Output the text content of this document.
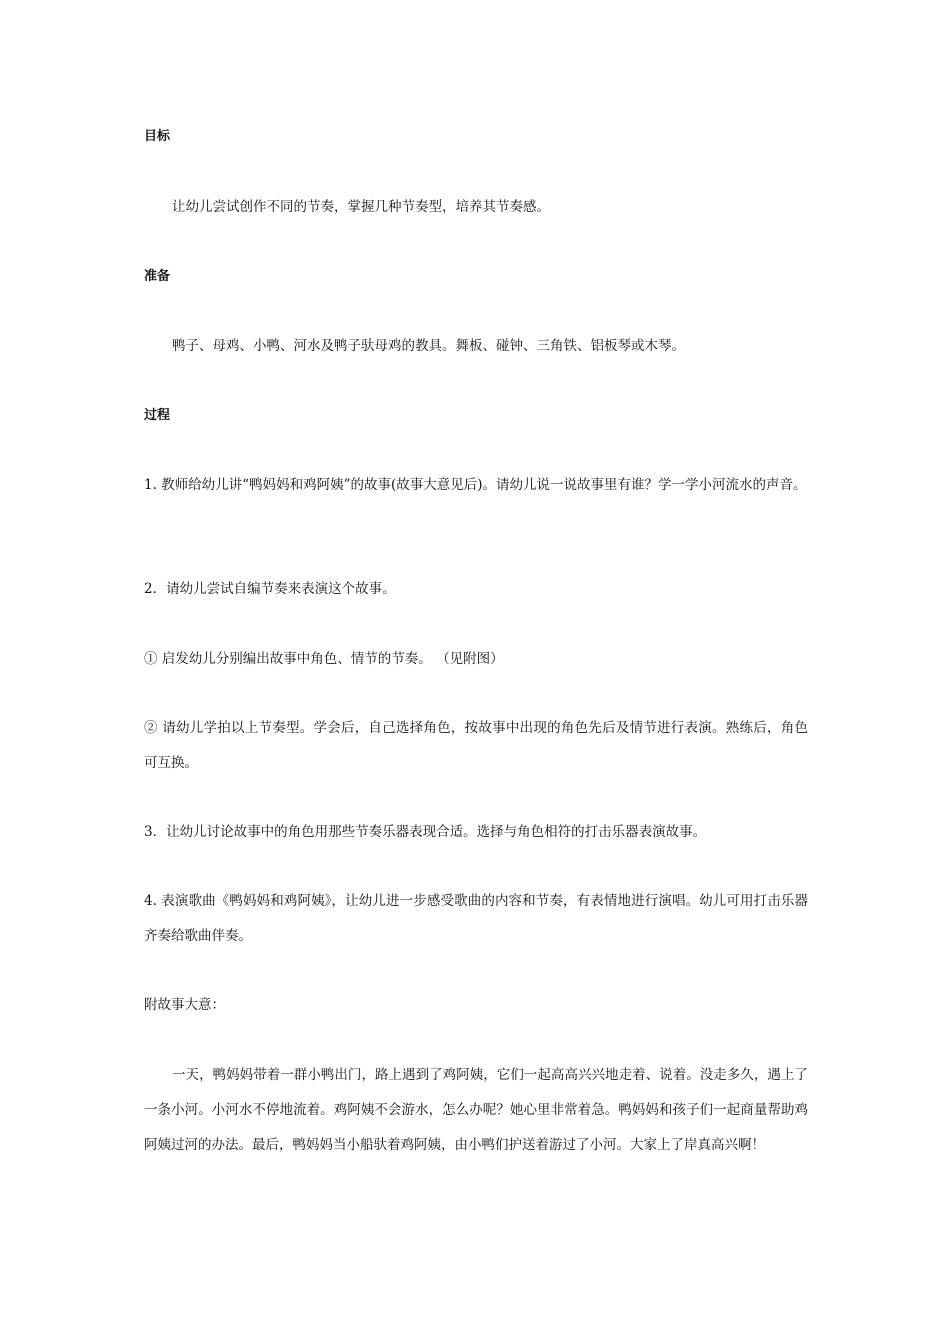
目标
让幼儿尝试创作不同的节奏，掌握几种节奏型，培养其节奏感。
准备
鸭子、母鸡、小鸭、河水及鸭子驮母鸡的教具。舞板、碰钟、三角铁、铝板琴或木琴。
过程
1. 教师给幼儿讲“鸭妈妈和鸡阿姨”的故事(故事大意见后)。请幼儿说一说故事里有谁？学一学小河流水的声音。
2．请幼儿尝试自编节奏来表演这个故事。
① 启发幼儿分别编出故事中角色、情节的节奏。 （见附图）
② 请幼儿学拍以上节奏型。学会后，自己选择角色，按故事中出现的角色先后及情节进行表演。熟练后，角色可互换。
3．让幼儿讨论故事中的角色用那些节奏乐器表现合适。选择与角色相符的打击乐器表演故事。
4. 表演歌曲《鸭妈妈和鸡阿姨》，让幼儿进一步感受歌曲的内容和节奏，有表情地进行演唱。幼儿可用打击乐器齐奏给歌曲伴奏。
附故事大意：
一天，鸭妈妈带着一群小鸭出门，路上遇到了鸡阿姨，它们一起高高兴兴地走着、说着。没走多久，遇上了一条小河。小河水不停地流着。鸡阿姨不会游水，怎么办呢？她心里非常着急。鸭妈妈和孩子们一起商量帮助鸡阿姨过河的办法。最后，鸭妈妈当小船驮着鸡阿姨，由小鸭们护送着游过了小河。大家上了岸真高兴啊！
